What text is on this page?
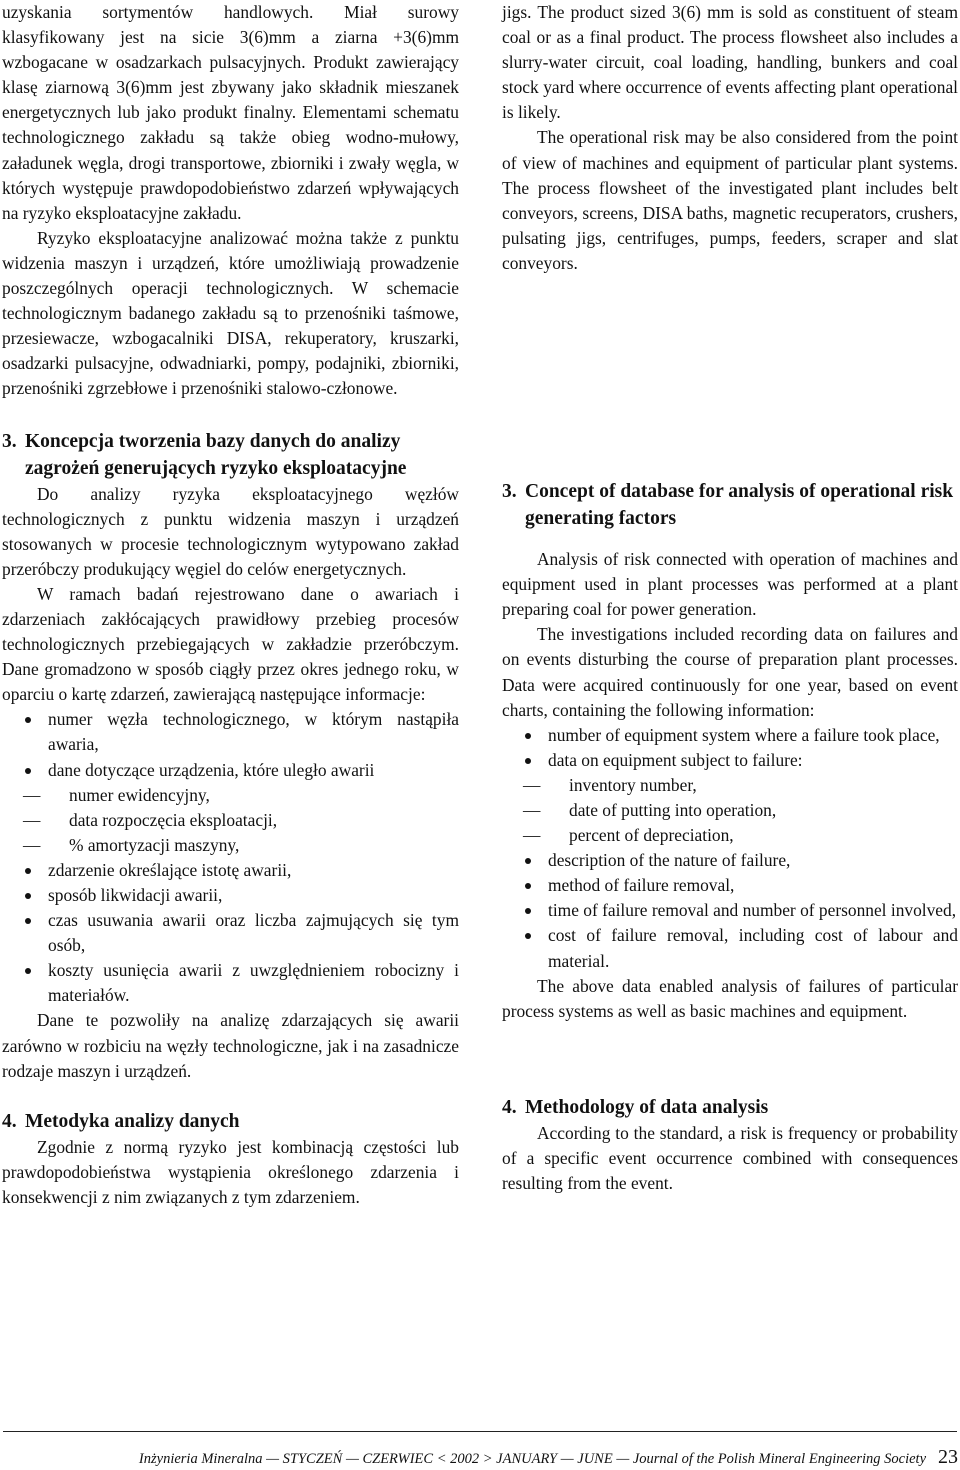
uzyskania sortymentów handlowych. Miał surowy klasyfikowany jest na sicie 3(6)mm a ziarna +3(6)mm wzbogacane w osadzarkach pulsacyjnych. Produkt zawierający klasę ziarnową 3(6)mm jest zbywany jako składnik mieszanek energetycznych lub jako produkt finalny. Elementami schematu technologicznego zakładu są także obieg wodno-mułowy, załadunek węgla, drogi transportowe, zbiorniki i zwały węgla, w których występuje prawdopodobieństwo zdarzeń wpływających na ryzyko eksploatacyjne zakładu.

Ryzyko eksploatacyjne analizować można także z punktu widzenia maszyn i urządzeń, które umożliwiają prowadzenie poszczególnych operacji technologicznych. W schemacie technologicznym badanego zakładu są to przenośniki taśmowe, przesiewacze, wzbogacalniki DISA, rekuperatory, kruszarki, osadzarki pulsacyjne, odwadniarki, pompy, podajniki, zbiorniki, przenośniki zgrzebłowe i przenośniki stalowo-członowe.

3. Koncepcja tworzenia bazy danych do analizy zagrożeń generujących ryzyko eksploatacyjne

Do analizy ryzyka eksploatacyjnego węzłów technologicznych z punktu widzenia maszyn i urządzeń stosowanych w procesie technologicznym wytypowano zakład przeróbczy produkujący węgiel do celów energetycznych.

W ramach badań rejestrowano dane o awariach i zdarzeniach zakłócających prawidłowy przebieg procesów technologicznych przebiegających w zakładzie przeróbczym. Dane gromadzono w sposób ciągły przez okres jednego roku, w oparciu o kartę zdarzeń, zawierającą następujące informacje:

numer węzła technologicznego, w którym nastąpiła awaria,
dane dotyczące urządzenia, które uległo awarii
— numer ewidencyjny,
— data rozpoczęcia eksploatacji,
— % amortyzacji maszyny,
zdarzenie określające istotę awarii,
sposób likwidacji awarii,
czas usuwania awarii oraz liczba zajmujących się tym osób,
koszty usunięcia awarii z uwzględnieniem robocizny i materiałów.

Dane te pozwoliły na analizę zdarzających się awarii zarówno w rozbiciu na węzły technologiczne, jak i na zasadnicze rodzaje maszyn i urządzeń.

4. Metodyka analizy danych

Zgodnie z normą ryzyko jest kombinacją częstości lub prawdopodobieństwa wystąpienia określonego zdarzenia i konsekwencji z nim związanych z tym zdarzeniem.

jigs. The product sized 3(6) mm is sold as constituent of steam coal or as a final product. The process flowsheet also includes a slurry-water circuit, coal loading, handling, bunkers and coal stock yard where occurrence of events affecting plant operational is likely.

The operational risk may be also considered from the point of view of machines and equipment of particular plant systems. The process flowsheet of the investigated plant includes belt conveyors, screens, DISA baths, magnetic recuperators, crushers, pulsating jigs, centrifuges, pumps, feeders, scraper and slat conveyors.

3. Concept of database for analysis of operational risk generating factors

Analysis of risk connected with operation of machines and equipment used in plant processes was performed at a plant preparing coal for power generation.

The investigations included recording data on failures and on events disturbing the course of preparation plant processes. Data were acquired continuously for one year, based on event charts, containing the following information:

number of equipment system where a failure took place,
data on equipment subject to failure:
— inventory number,
— date of putting into operation,
— percent of depreciation,
description of the nature of failure,
method of failure removal,
time of failure removal and number of personnel involved,
cost of failure removal, including cost of labour and material.

The above data enabled analysis of failures of particular process systems as well as basic machines and equipment.

4. Methodology of data analysis

According to the standard, a risk is frequency or probability of a specific event occurrence combined with consequences resulting from the event.

Inżynieria Mineralna — STYCZEŃ — CZERWIEC < 2002 > JANUARY — JUNE — Journal of the Polish Mineral Engineering Society 23
